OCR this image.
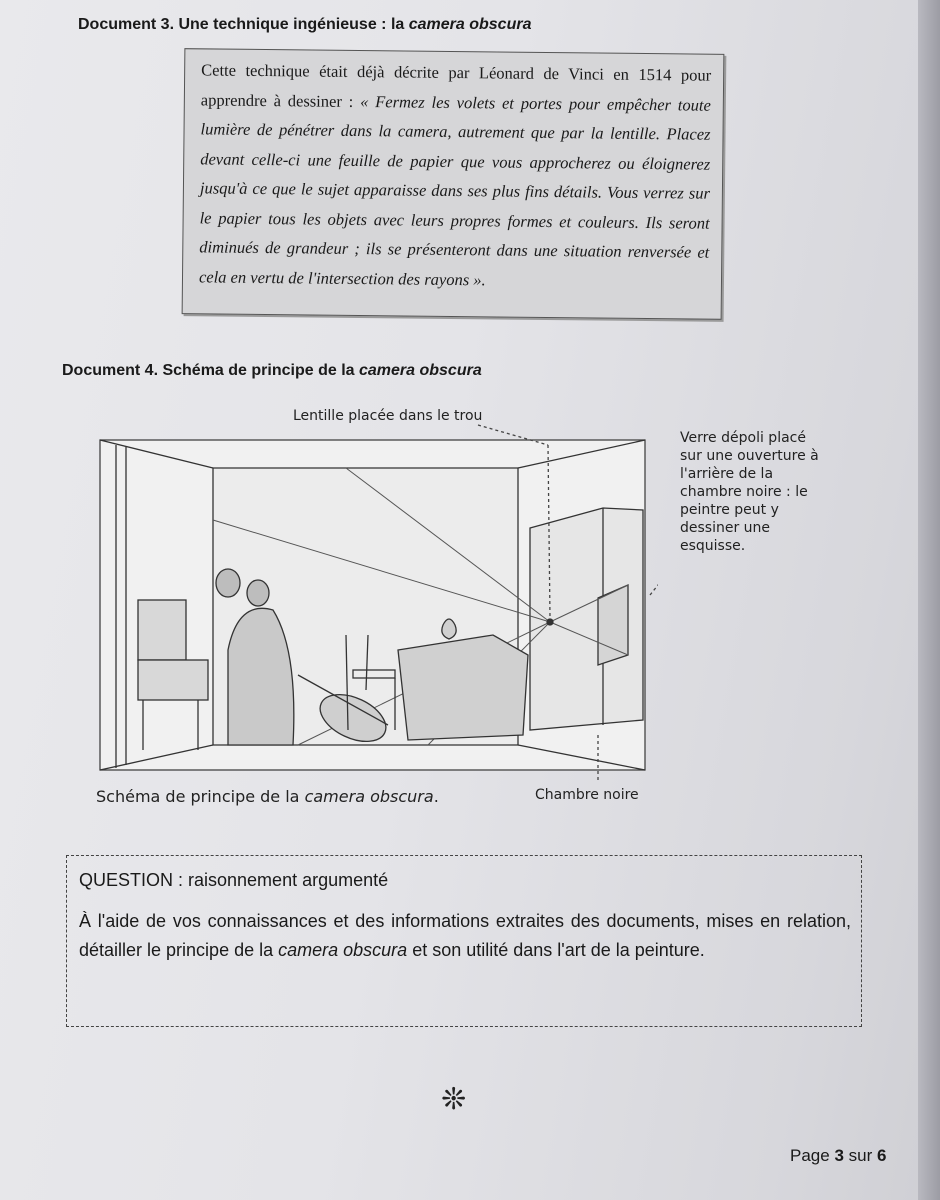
Document 3. Une technique ingénieuse : la camera obscura
Cette technique était déjà décrite par Léonard de Vinci en 1514 pour apprendre à dessiner : « Fermez les volets et portes pour empêcher toute lumière de pénétrer dans la camera, autrement que par la lentille. Placez devant celle-ci une feuille de papier que vous approcherez ou éloignerez jusqu'à ce que le sujet apparaisse dans ses plus fins détails. Vous verrez sur le papier tous les objets avec leurs propres formes et couleurs. Ils seront diminués de grandeur ; ils se présenteront dans une situation renversée et cela en vertu de l'intersection des rayons ».
Document 4. Schéma de principe de la camera obscura
Lentille placée dans le trou
Verre dépoli placé sur une ouverture à l'arrière de la chambre noire : le peintre peut y dessiner une esquisse.
Schéma de principe de la camera obscura.	Chambre noire

QUESTION : raisonnement argumenté

À l'aide de vos connaissances et des informations extraites des documents, mises en relation, détailler le principe de la camera obscura et son utilité dans l'art de la peinture.

❊
Page 3 sur 6
